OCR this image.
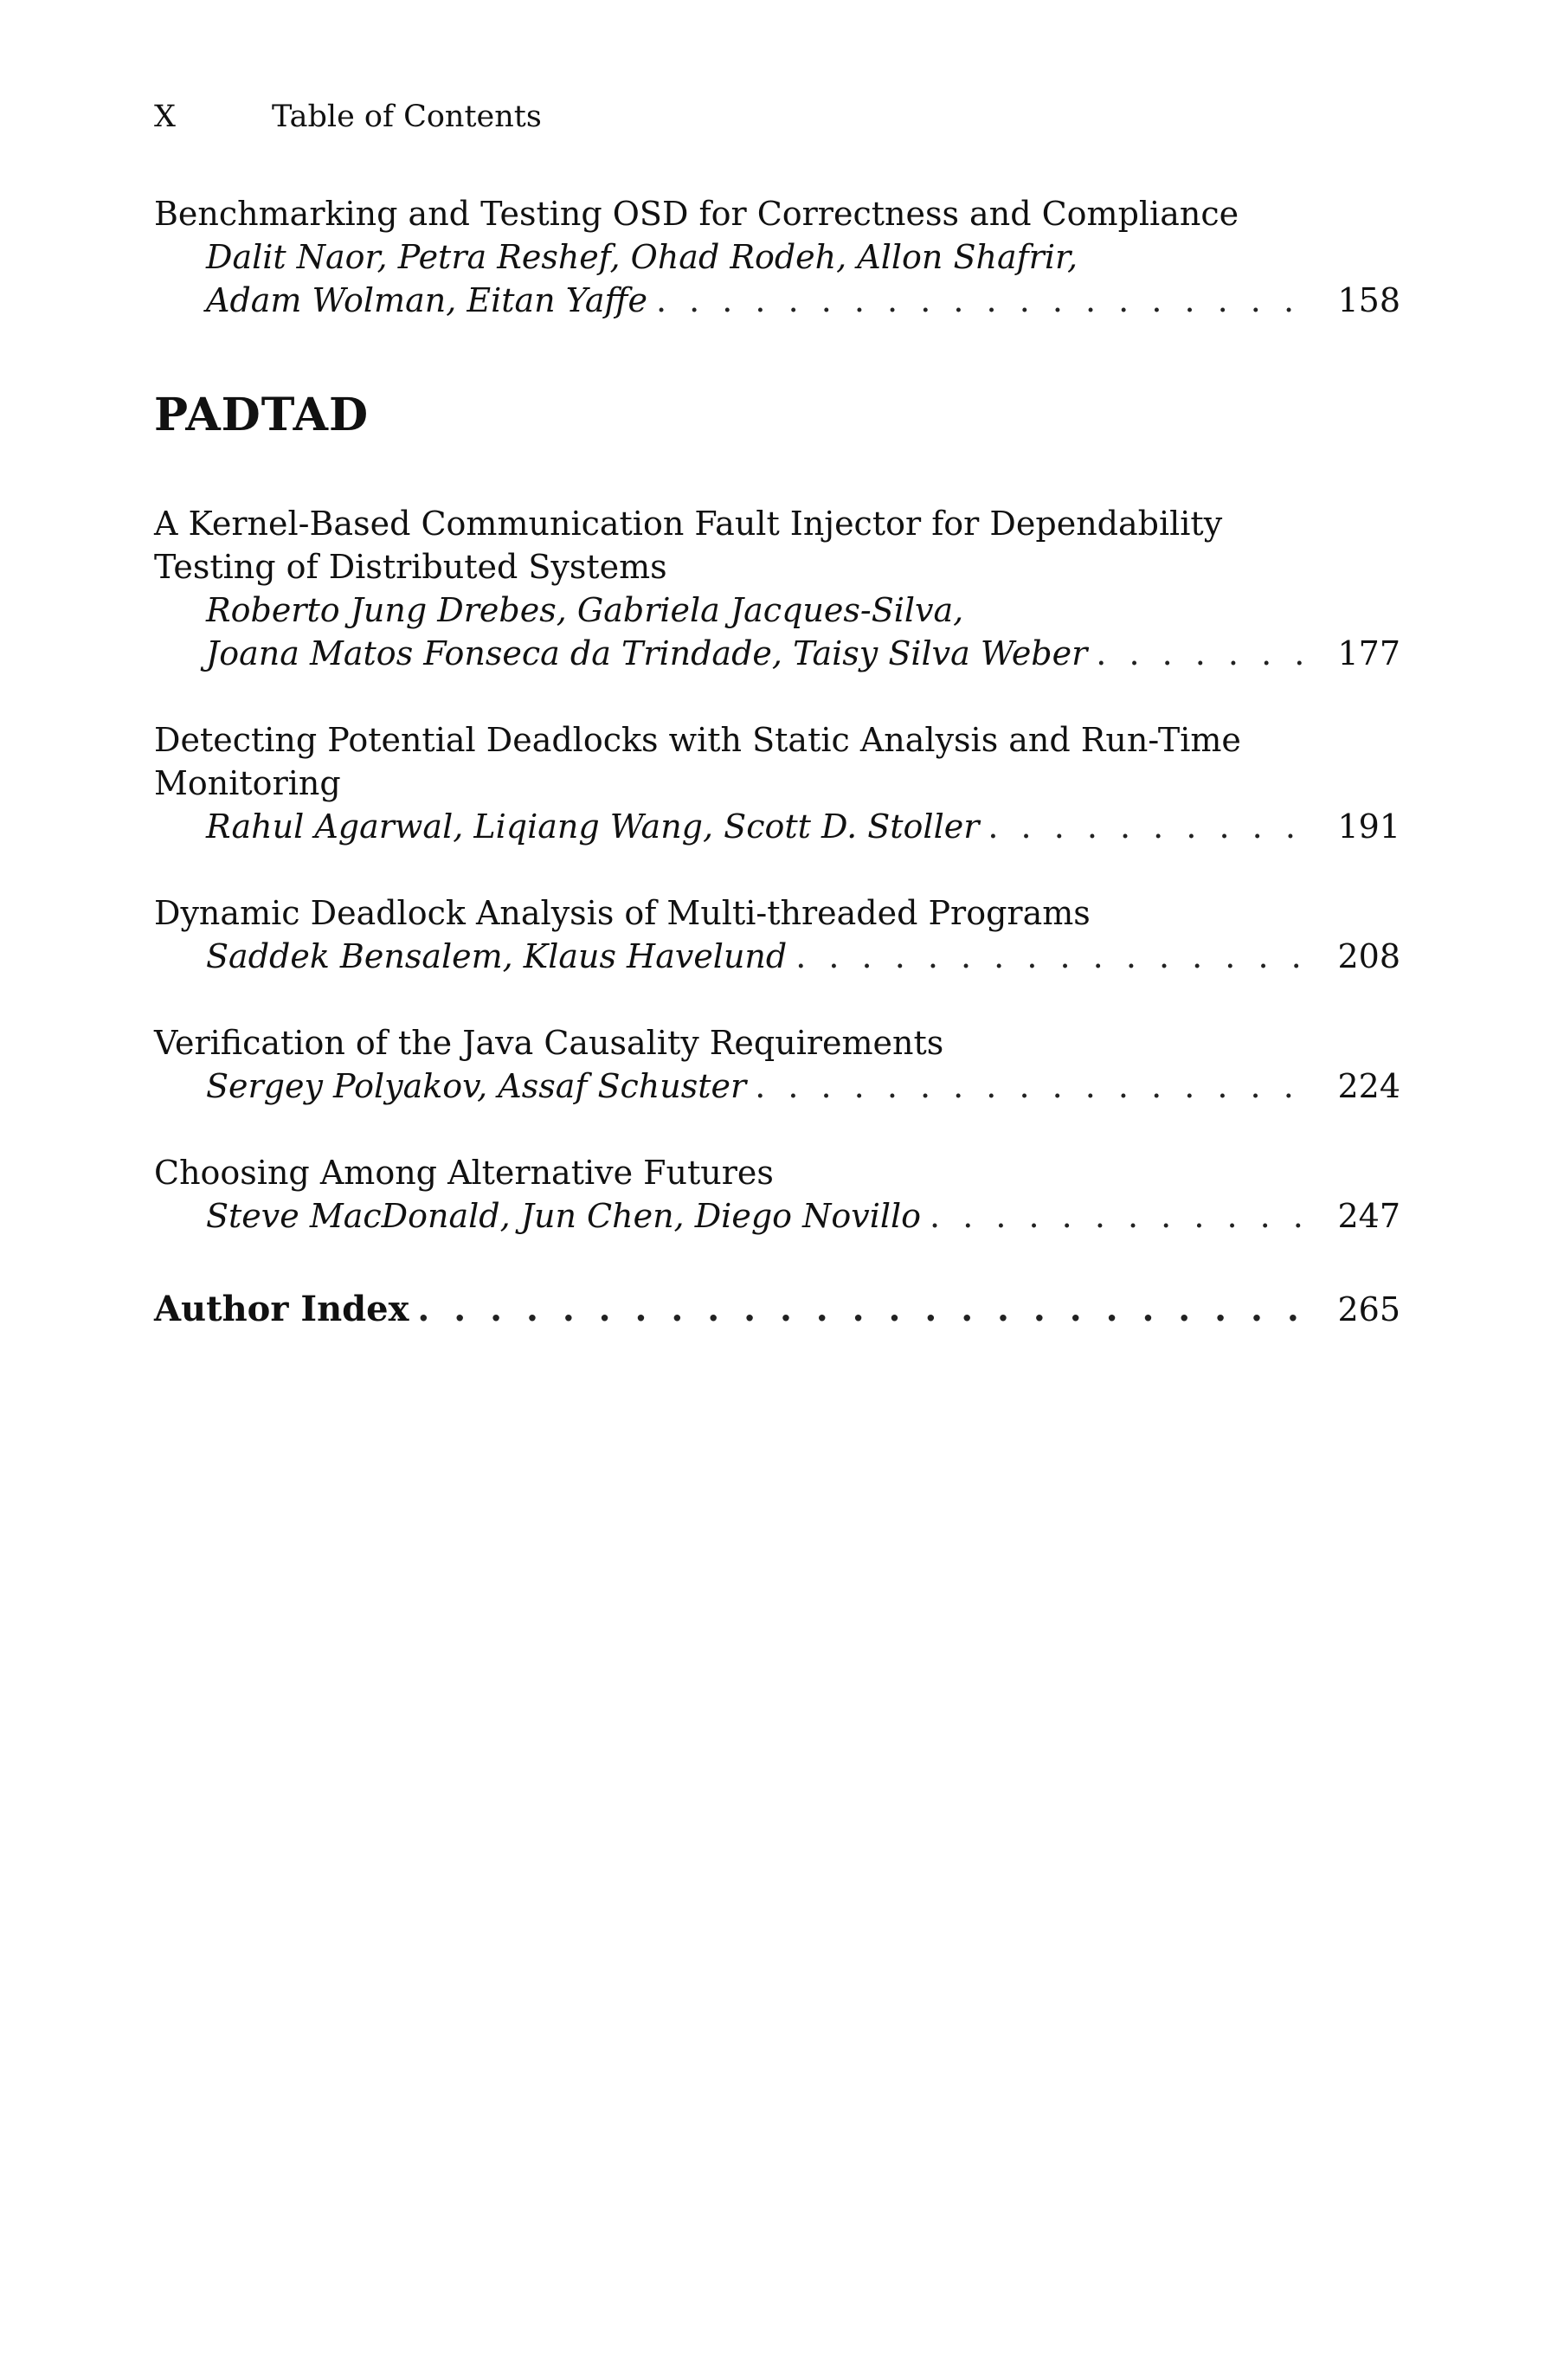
X	Table of Contents
Benchmarking and Testing OSD for Correctness and Compliance
Dalit Naor, Petra Reshef, Ohad Rodeh, Allon Shafrir,
Adam Wolman, Eitan Yaffe . . .	158
PADTAD
A Kernel-Based Communication Fault Injector for Dependability
Testing of Distributed Systems
Roberto Jung Drebes, Gabriela Jacques-Silva,
Joana Matos Fonseca da Trindade, Taisy Silva Weber . . .	177
Detecting Potential Deadlocks with Static Analysis and Run-Time
Monitoring
Rahul Agarwal, Liqiang Wang, Scott D. Stoller . . .	191
Dynamic Deadlock Analysis of Multi-threaded Programs
Saddek Bensalem, Klaus Havelund . . .	208
Verification of the Java Causality Requirements
Sergey Polyakov, Assaf Schuster . . .	224
Choosing Among Alternative Futures
Steve MacDonald, Jun Chen, Diego Novillo . . .	247
Author Index . . .	265
